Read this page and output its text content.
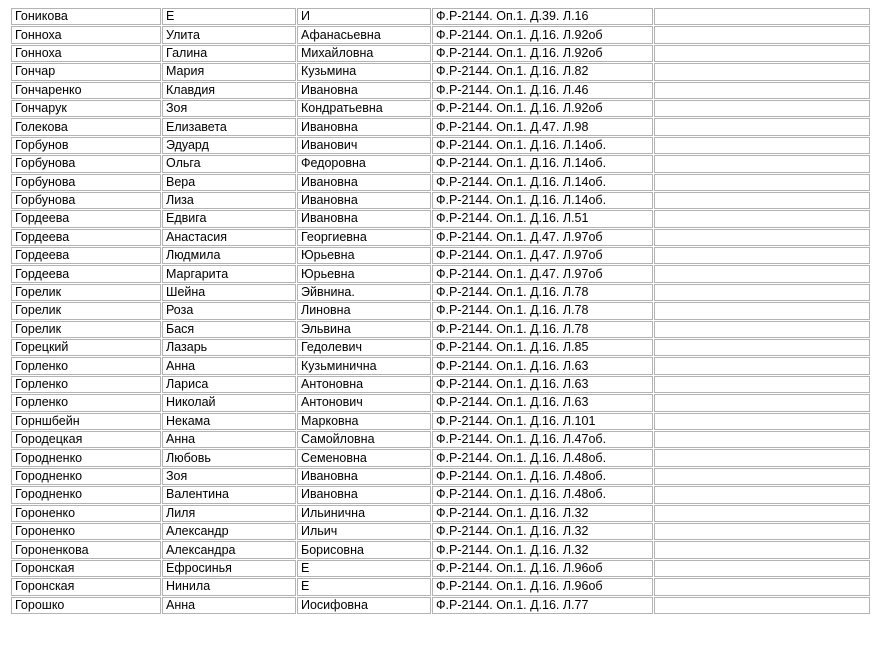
Гоникова	Е	И	Ф.Р-2144. Оп.1. Д.39. Л.16	
Гонноха	Улита	Афанасьевна	Ф.Р-2144. Оп.1. Д.16. Л.92об	
Гонноха	Галина	Михайловна	Ф.Р-2144. Оп.1. Д.16. Л.92об	
Гончар	Мария	Кузьмина	Ф.Р-2144. Оп.1. Д.16. Л.82	
Гончаренко	Клавдия	Ивановна	Ф.Р-2144. Оп.1. Д.16. Л.46	
Гончарук	Зоя	Кондратьевна	Ф.Р-2144. Оп.1. Д.16. Л.92об	
Голекова	Елизавета	Ивановна	Ф.Р-2144. Оп.1. Д.47. Л.98	
Горбунов	Эдуард	Иванович	Ф.Р-2144. Оп.1. Д.16. Л.14об.	
Горбунова	Ольга	Федоровна	Ф.Р-2144. Оп.1. Д.16. Л.14об.	
Горбунова	Вера	Ивановна	Ф.Р-2144. Оп.1. Д.16. Л.14об.	
Горбунова	Лиза	Ивановна	Ф.Р-2144. Оп.1. Д.16. Л.14об.	
Гордеева	Едвига	Ивановна	Ф.Р-2144. Оп.1. Д.16. Л.51	
Гордеева	Анастасия	Георгиевна	Ф.Р-2144. Оп.1. Д.47. Л.97об	
Гордеева	Людмила	Юрьевна	Ф.Р-2144. Оп.1. Д.47. Л.97об	
Гордеева	Маргарита	Юрьевна	Ф.Р-2144. Оп.1. Д.47. Л.97об	
Горелик	Шейна	Эйвнина.	Ф.Р-2144. Оп.1. Д.16. Л.78	
Горелик	Роза	Линовна	Ф.Р-2144. Оп.1. Д.16. Л.78	
Горелик	Бася	Эльвина	Ф.Р-2144. Оп.1. Д.16. Л.78	
Горецкий	Лазарь	Гедолевич	Ф.Р-2144. Оп.1. Д.16. Л.85	
Горленко	Анна	Кузьминична	Ф.Р-2144. Оп.1. Д.16. Л.63	
Горленко	Лариса	Антоновна	Ф.Р-2144. Оп.1. Д.16. Л.63	
Горленко	Николай	Антонович	Ф.Р-2144. Оп.1. Д.16. Л.63	
Горншбейн	Некама	Марковна	Ф.Р-2144. Оп.1. Д.16. Л.101	
Городецкая	Анна	Самойловна	Ф.Р-2144. Оп.1. Д.16. Л.47об.	
Городненко	Любовь	Семеновна	Ф.Р-2144. Оп.1. Д.16. Л.48об.	
Городненко	Зоя	Ивановна	Ф.Р-2144. Оп.1. Д.16. Л.48об.	
Городненко	Валентина	Ивановна	Ф.Р-2144. Оп.1. Д.16. Л.48об.	
Гороненко	Лиля	Ильинична	Ф.Р-2144. Оп.1. Д.16. Л.32	
Гороненко	Александр	Ильич	Ф.Р-2144. Оп.1. Д.16. Л.32	
Гороненкова	Александра	Борисовна	Ф.Р-2144. Оп.1. Д.16. Л.32	
Горонская	Ефросинья	Е	Ф.Р-2144. Оп.1. Д.16. Л.96об	
Горонская	Нинила	Е	Ф.Р-2144. Оп.1. Д.16. Л.96об	
Горошко	Анна	Иосифовна	Ф.Р-2144. Оп.1. Д.16. Л.77	
